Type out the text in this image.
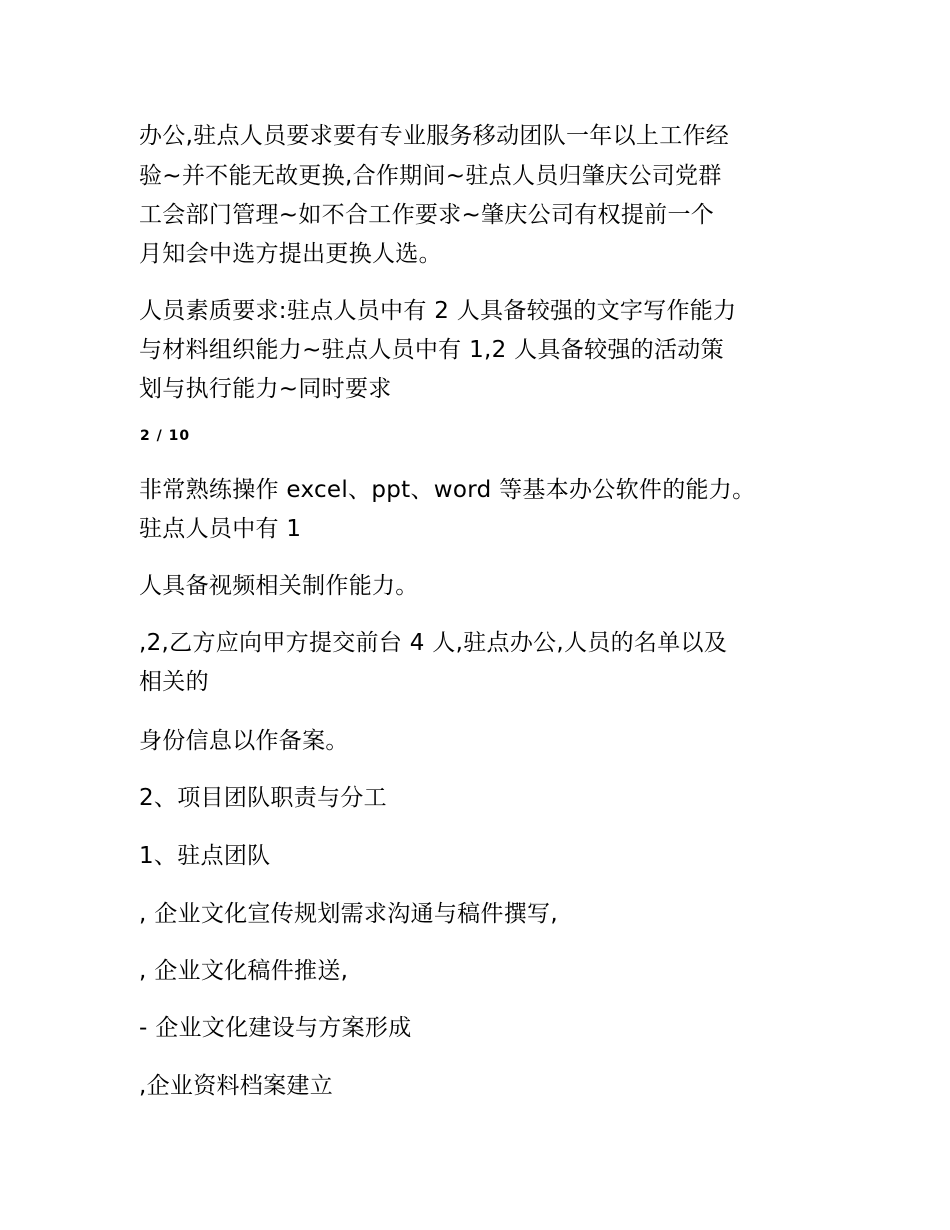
办公,驻点人员要求要有专业服务移动团队一年以上工作经
验~并不能无故更换,合作期间~驻点人员归肇庆公司党群
工会部门管理~如不合工作要求~肇庆公司有权提前一个
月知会中选方提出更换人选。
人员素质要求:驻点人员中有 2 人具备较强的文字写作能力
与材料组织能力~驻点人员中有 1,2 人具备较强的活动策
划与执行能力~同时要求
2 / 10
非常熟练操作 excel、ppt、word 等基本办公软件的能力。
驻点人员中有 1
人具备视频相关制作能力。
,2,乙方应向甲方提交前台 4 人,驻点办公,人员的名单以及
相关的
身份信息以作备案。
2、项目团队职责与分工
1、驻点团队
, 企业文化宣传规划需求沟通与稿件撰写,
, 企业文化稿件推送,
- 企业文化建设与方案形成
,企业资料档案建立
